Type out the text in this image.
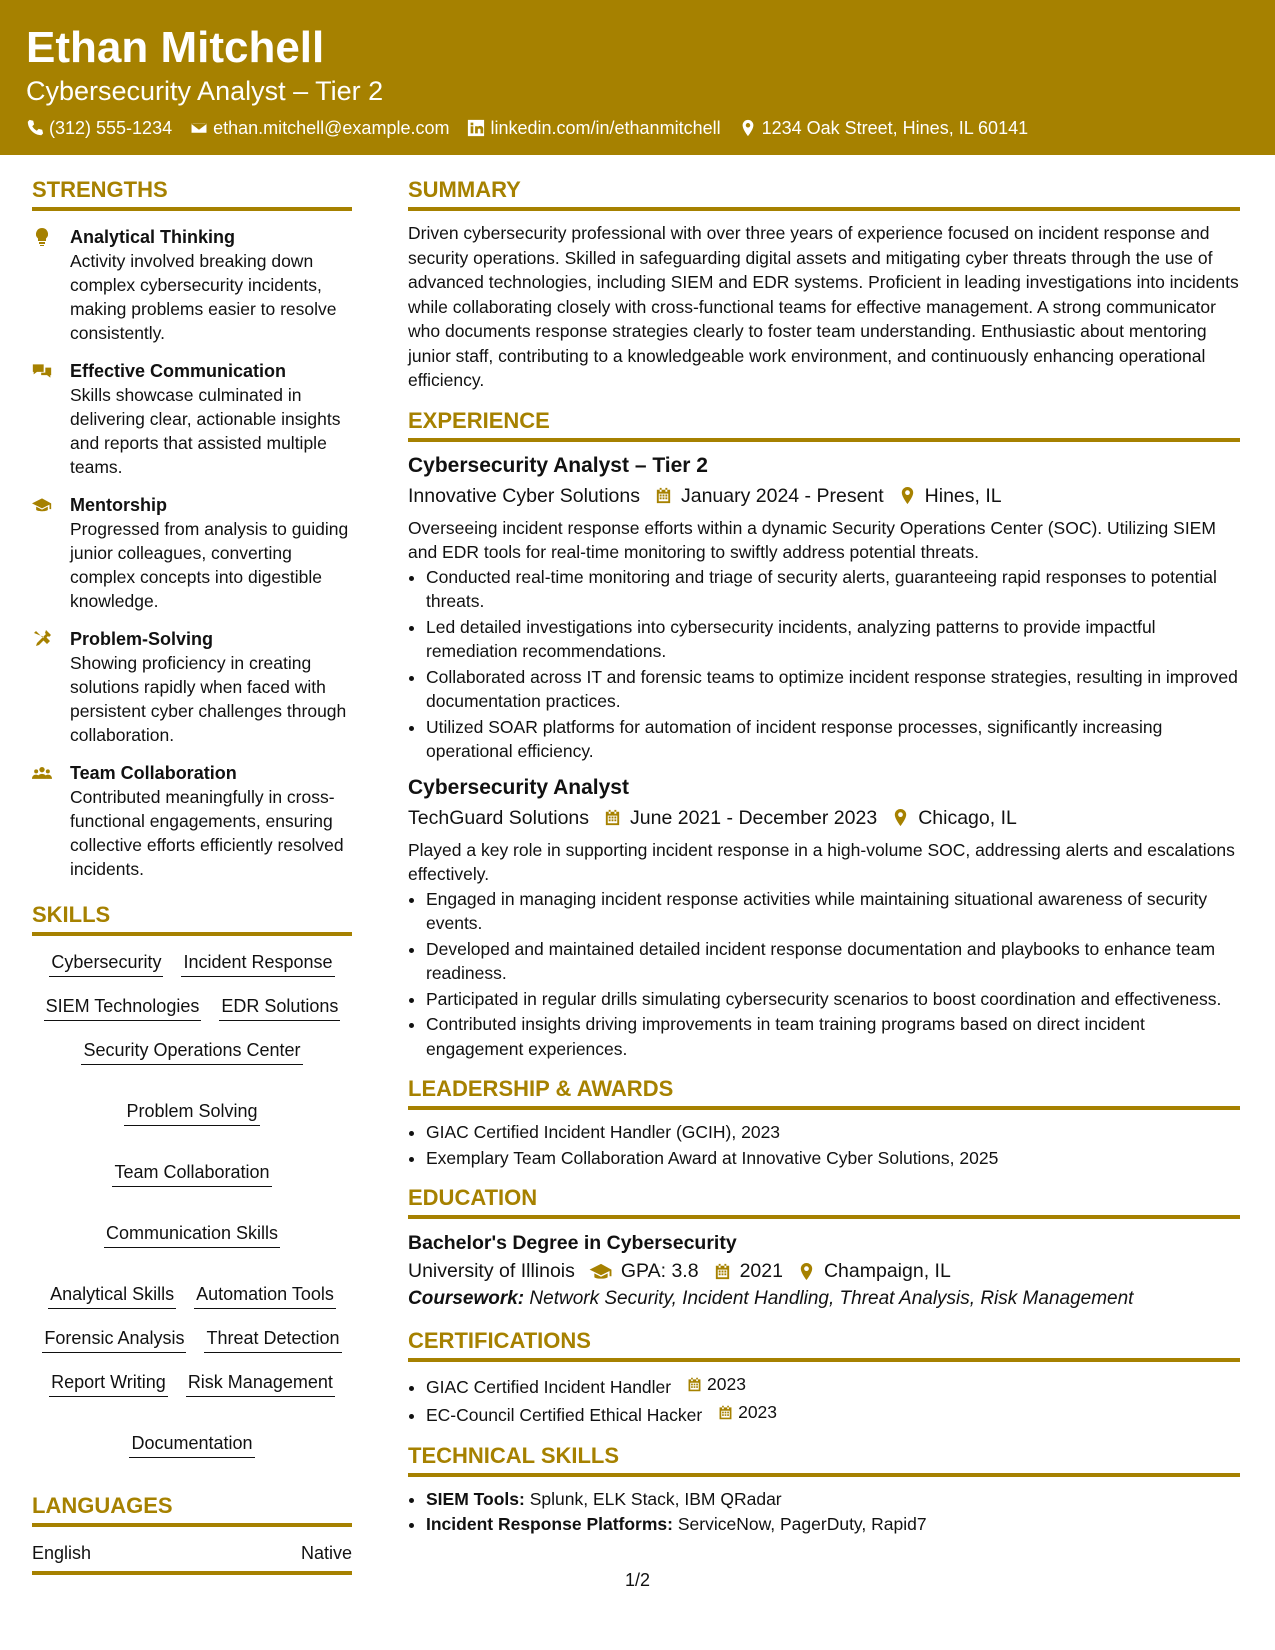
Ethan Mitchell
Cybersecurity Analyst – Tier 2
(312) 555-1234 ethan.mitchell@example.com linkedin.com/in/ethanmitchell 1234 Oak Street, Hines, IL 60141
STRENGTHS
Analytical Thinking
Activity involved breaking down complex cybersecurity incidents, making problems easier to resolve consistently.
Effective Communication
Skills showcase culminated in delivering clear, actionable insights and reports that assisted multiple teams.
Mentorship
Progressed from analysis to guiding junior colleagues, converting complex concepts into digestible knowledge.
Problem-Solving
Showing proficiency in creating solutions rapidly when faced with persistent cyber challenges through collaboration.
Team Collaboration
Contributed meaningfully in cross-functional engagements, ensuring collective efforts efficiently resolved incidents.
SKILLS
Cybersecurity Incident Response
SIEM Technologies EDR Solutions
Security Operations Center
Problem Solving
Team Collaboration
Communication Skills
Analytical Skills Automation Tools
Forensic Analysis Threat Detection
Report Writing Risk Management
Documentation
LANGUAGES
English	Native
SUMMARY
Driven cybersecurity professional with over three years of experience focused on incident response and security operations. Skilled in safeguarding digital assets and mitigating cyber threats through the use of advanced technologies, including SIEM and EDR systems. Proficient in leading investigations into incidents while collaborating closely with cross-functional teams for effective management. A strong communicator who documents response strategies clearly to foster team understanding. Enthusiastic about mentoring junior staff, contributing to a knowledgeable work environment, and continuously enhancing operational efficiency.
EXPERIENCE
Cybersecurity Analyst – Tier 2
Innovative Cyber Solutions January 2024 - Present Hines, IL
Overseeing incident response efforts within a dynamic Security Operations Center (SOC). Utilizing SIEM and EDR tools for real-time monitoring to swiftly address potential threats.
• Conducted real-time monitoring and triage of security alerts, guaranteeing rapid responses to potential threats.
• Led detailed investigations into cybersecurity incidents, analyzing patterns to provide impactful remediation recommendations.
• Collaborated across IT and forensic teams to optimize incident response strategies, resulting in improved documentation practices.
• Utilized SOAR platforms for automation of incident response processes, significantly increasing operational efficiency.
Cybersecurity Analyst
TechGuard Solutions June 2021 - December 2023 Chicago, IL
Played a key role in supporting incident response in a high-volume SOC, addressing alerts and escalations effectively.
• Engaged in managing incident response activities while maintaining situational awareness of security events.
• Developed and maintained detailed incident response documentation and playbooks to enhance team readiness.
• Participated in regular drills simulating cybersecurity scenarios to boost coordination and effectiveness.
• Contributed insights driving improvements in team training programs based on direct incident engagement experiences.
LEADERSHIP & AWARDS
• GIAC Certified Incident Handler (GCIH), 2023
• Exemplary Team Collaboration Award at Innovative Cyber Solutions, 2025
EDUCATION
Bachelor's Degree in Cybersecurity
University of Illinois GPA: 3.8 2021 Champaign, IL
Coursework: Network Security, Incident Handling, Threat Analysis, Risk Management
CERTIFICATIONS
• GIAC Certified Incident Handler 2023
• EC-Council Certified Ethical Hacker 2023
TECHNICAL SKILLS
• SIEM Tools: Splunk, ELK Stack, IBM QRadar
• Incident Response Platforms: ServiceNow, PagerDuty, Rapid7
1/2
